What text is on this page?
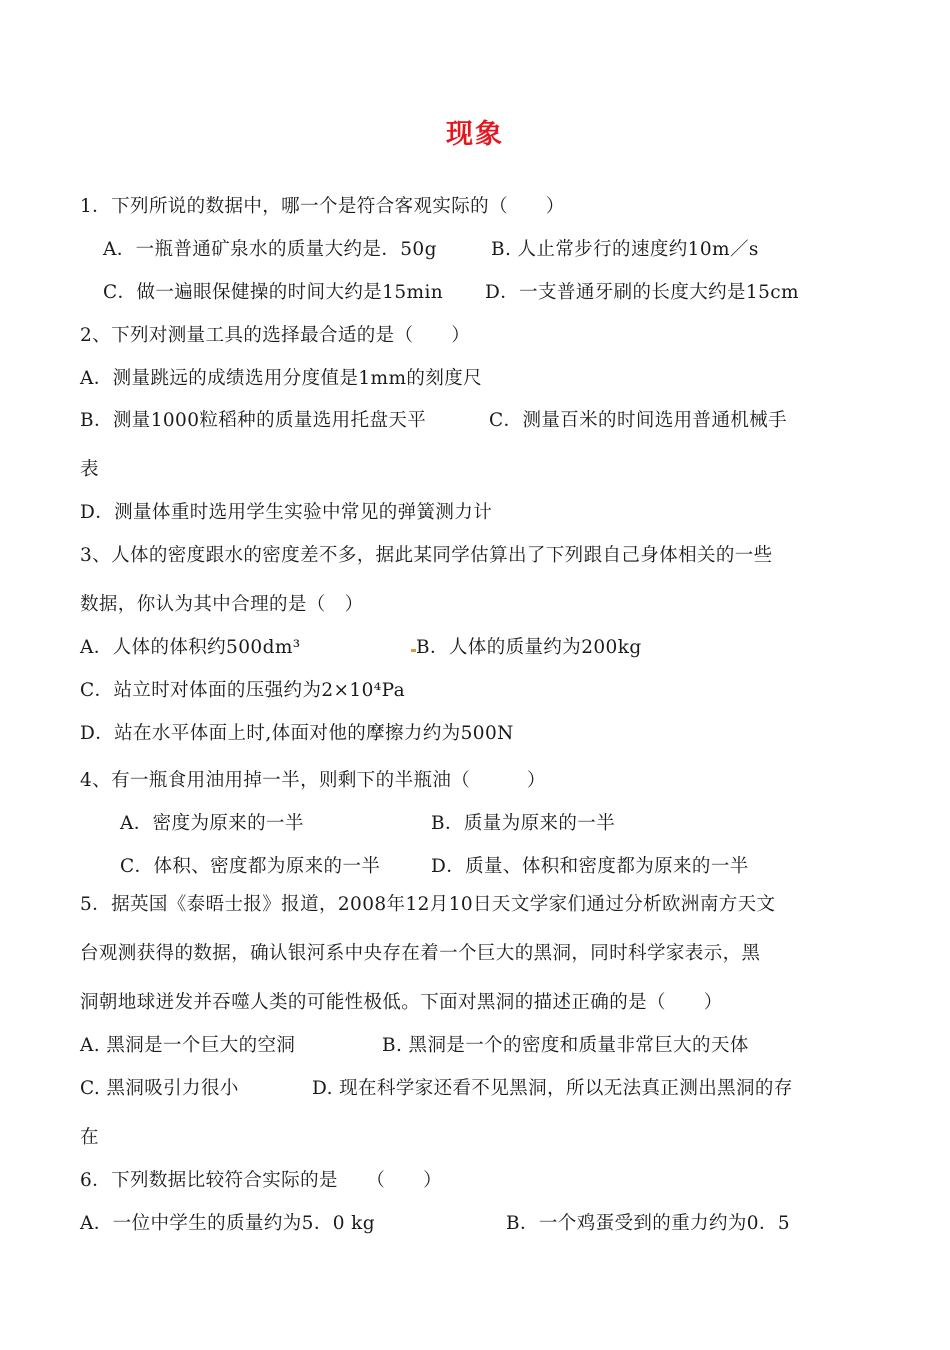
现象
1．下列所说的数据中，哪一个是符合客观实际的（　　）
A．一瓶普通矿泉水的质量大约是．50g	B. 人止常步行的速度约10m／s
C．做一遍眼保健操的时间大约是15min D．一支普通牙刷的长度大约是15cm
2、下列对测量工具的选择最合适的是（　　）
A．测量跳远的成绩选用分度值是1mm的刻度尺
B．测量1000粒稻种的质量选用托盘天平	C．测量百米的时间选用普通机械手
表
D．测量体重时选用学生实验中常见的弹簧测力计
3、人体的密度跟水的密度差不多，据此某同学估算出了下列跟自己身体相关的一些
数据，你认为其中合理的是（　）
A．人体的体积约500dm³	B．人体的质量约为200kg
C．站立时对体面的压强约为2×10⁴Pa
D．站在水平体面上时,体面对他的摩擦力约为500N
4、有一瓶食用油用掉一半，则剩下的半瓶油（　　　）
A．密度为原来的一半	B．质量为原来的一半
C．体积、密度都为原来的一半	D．质量、体积和密度都为原来的一半
5．据英国《泰晤士报》报道，2008年12月10日天文学家们通过分析欧洲南方天文
台观测获得的数据，确认银河系中央存在着一个巨大的黑洞，同时科学家表示，黑
洞朝地球迸发并吞噬人类的可能性极低。下面对黑洞的描述正确的是（　　）
A. 黑洞是一个巨大的空洞	B. 黑洞是一个的密度和质量非常巨大的天体
C. 黑洞吸引力很小	D. 现在科学家还看不见黑洞，所以无法真正测出黑洞的存
在
6．下列数据比较符合实际的是　　（　　）
A．一位中学生的质量约为5．0 kg	B．一个鸡蛋受到的重力约为0．5
